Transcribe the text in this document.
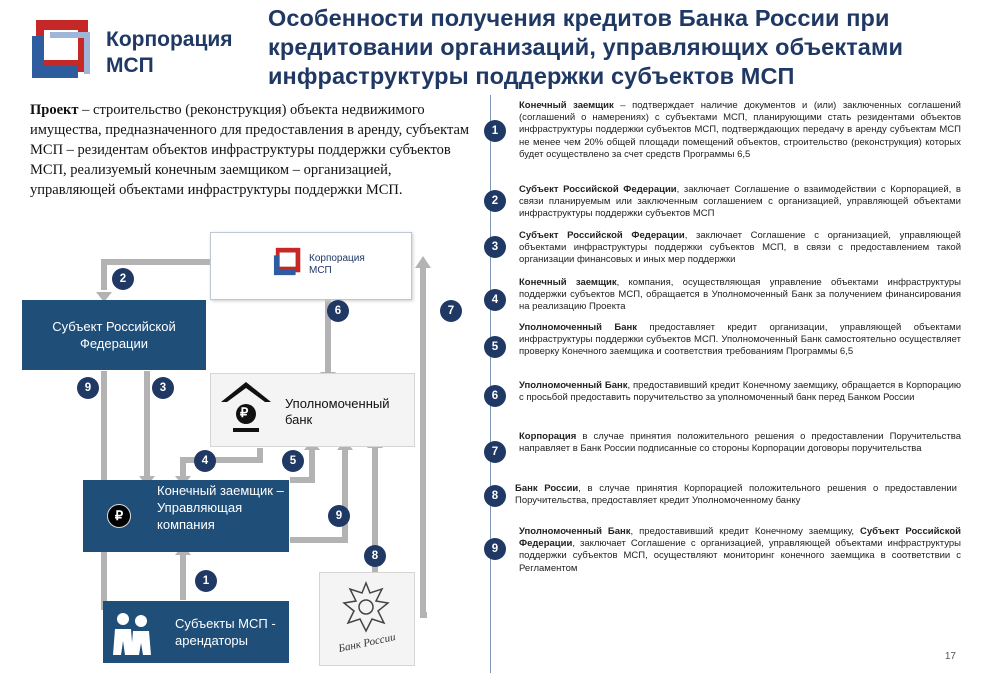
Корпорация
МСП
Особенности получения кредитов Банка России при кредитовании организаций, управляющих объектами инфраструктуры поддержки субъектов МСП
Проект – строительство (реконструкция) объекта недвижимого имущества, предназначенного для предоставления в аренду, субъектам МСП – резидентам объектов инфраструктуры поддержки субъектов МСП, реализуемый конечным заемщиком – организацией, управляющей объектами инфраструктуры поддержки МСП.
Корпорация
МСП
Субъект Российской Федерации
₽
Уполномоченный банк
₽
Конечный заемщик – Управляющая компания
Субъекты МСП - арендаторы	Банк России
2
6	7
9	3
4	5
9
8
1
1
Конечный заемщик – подтверждает наличие документов и (или) заключенных соглашений (соглашений о намерениях) с субъектами МСП, планирующими стать резидентами объектов инфраструктуры поддержки субъектов МСП, подтверждающих передачу в аренду субъектам МСП не менее чем 20% общей площади помещений объектов, строительство (реконструкция) которых будет осуществлено за счет средств Программы 6,5
2
Субъект Российской Федерации, заключает Соглашение о взаимодействии с Корпорацией, в связи планируемым или заключенным соглашением с организацией, управляющей объектами инфраструктуры поддержки субъектов МСП
3
Субъект Российской Федерации, заключает Соглашение с организацией, управляющей объектами инфраструктуры поддержки субъектов МСП, в связи с предоставлением такой организации финансовых и иных мер поддержки
4
Конечный заемщик, компания, осуществляющая управление объектами инфраструктуры поддержки субъектов МСП, обращается в Уполномоченный Банк за получением финансирования на реализацию Проекта
5
Уполномоченный Банк предоставляет кредит организации, управляющей объектами инфраструктуры поддержки субъектов МСП. Уполномоченный Банк самостоятельно осуществляет проверку Конечного заемщика и соответствия требованиям Программы 6,5
6
Уполномоченный Банк, предоставивший кредит Конечному заемщику, обращается в Корпорацию с просьбой предоставить поручительство за уполномоченный банк перед Банком России
7
Корпорация в случае принятия положительного решения о предоставлении Поручительства направляет в Банк России подписанные со стороны Корпорации договоры поручительства
8
Банк России, в случае принятия Корпорацией положительного решения о предоставлении Поручительства, предоставляет кредит Уполномоченному банку
9
Уполномоченный Банк, предоставивший кредит Конечному заемщику, Субъект Российской Федерации, заключает Соглашение с организацией, управляющей объектами инфраструктуры поддержки субъектов МСП, осуществляют мониторинг конечного заемщика в соответствии с Регламентом
17
